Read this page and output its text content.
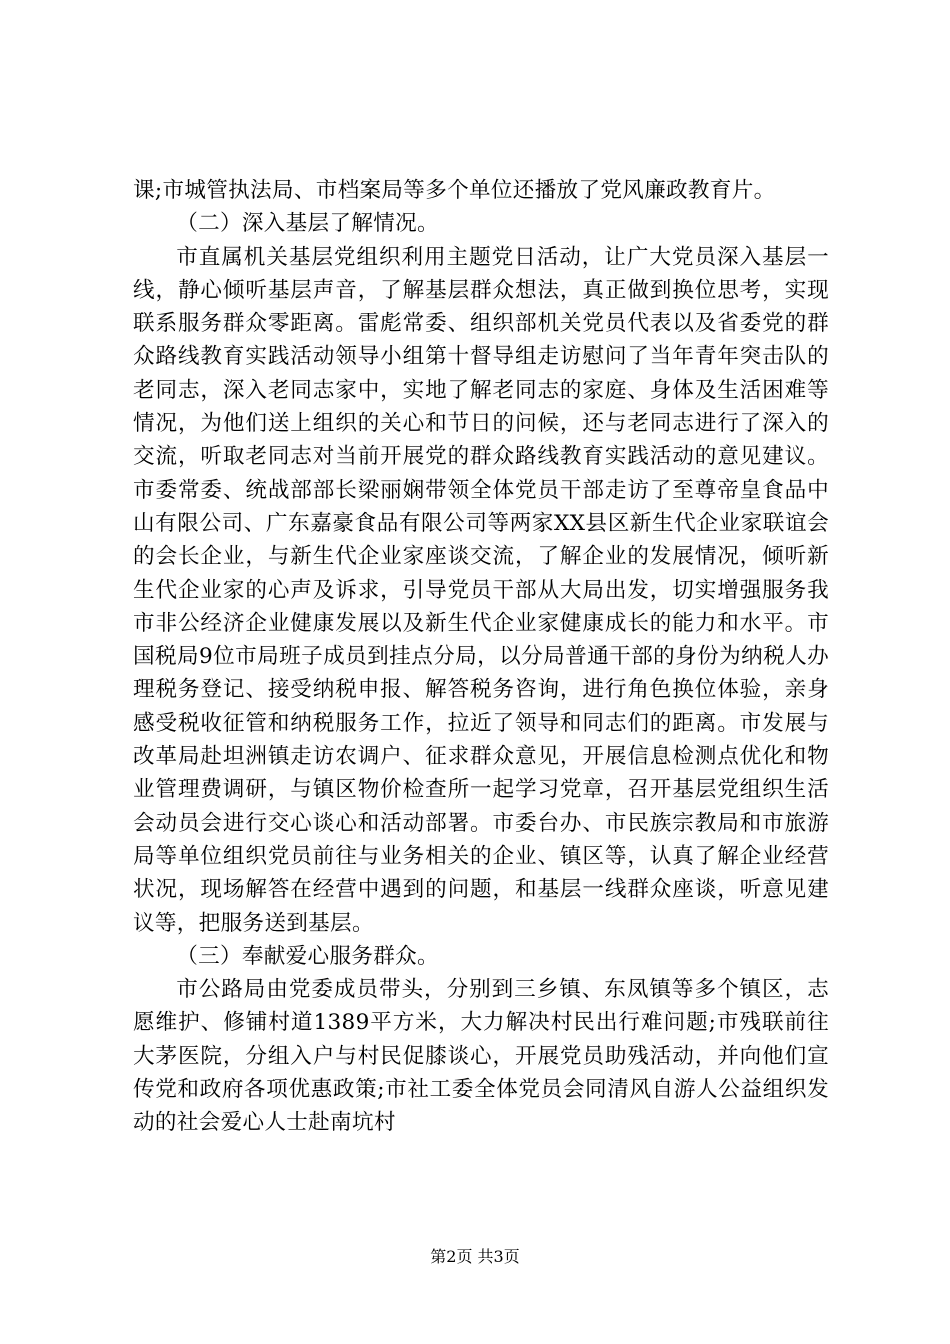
课;市城管执法局、市档案局等多个单位还播放了党风廉政教育片。

（二）深入基层了解情况。

市直属机关基层党组织利用主题党日活动，让广大党员深入基层一线，静心倾听基层声音，了解基层群众想法，真正做到换位思考，实现联系服务群众零距离。雷彪常委、组织部机关党员代表以及省委党的群众路线教育实践活动领导小组第十督导组走访慰问了当年青年突击队的老同志，深入老同志家中，实地了解老同志的家庭、身体及生活困难等情况，为他们送上组织的关心和节日的问候，还与老同志进行了深入的交流，听取老同志对当前开展党的群众路线教育实践活动的意见建议。市委常委、统战部部长梁丽娴带领全体党员干部走访了至尊帝皇食品中山有限公司、广东嘉豪食品有限公司等两家XX县区新生代企业家联谊会的会长企业，与新生代企业家座谈交流，了解企业的发展情况，倾听新生代企业家的心声及诉求，引导党员干部从大局出发，切实增强服务我市非公经济企业健康发展以及新生代企业家健康成长的能力和水平。市国税局9位市局班子成员到挂点分局，以分局普通干部的身份为纳税人办理税务登记、接受纳税申报、解答税务咨询，进行角色换位体验，亲身感受税收征管和纳税服务工作，拉近了领导和同志们的距离。市发展与改革局赴坦洲镇走访农调户、征求群众意见，开展信息检测点优化和物业管理费调研，与镇区物价检查所一起学习党章，召开基层党组织生活会动员会进行交心谈心和活动部署。市委台办、市民族宗教局和市旅游局等单位组织党员前往与业务相关的企业、镇区等，认真了解企业经营状况，现场解答在经营中遇到的问题，和基层一线群众座谈，听意见建议等，把服务送到基层。

（三）奉献爱心服务群众。

市公路局由党委成员带头，分别到三乡镇、东凤镇等多个镇区，志愿维护、修铺村道1389平方米，大力解决村民出行难问题;市残联前往大茅医院，分组入户与村民促膝谈心，开展党员助残活动，并向他们宣传党和政府各项优惠政策;市社工委全体党员会同清风自游人公益组织发动的社会爱心人士赴南坑村

第2页 共3页
